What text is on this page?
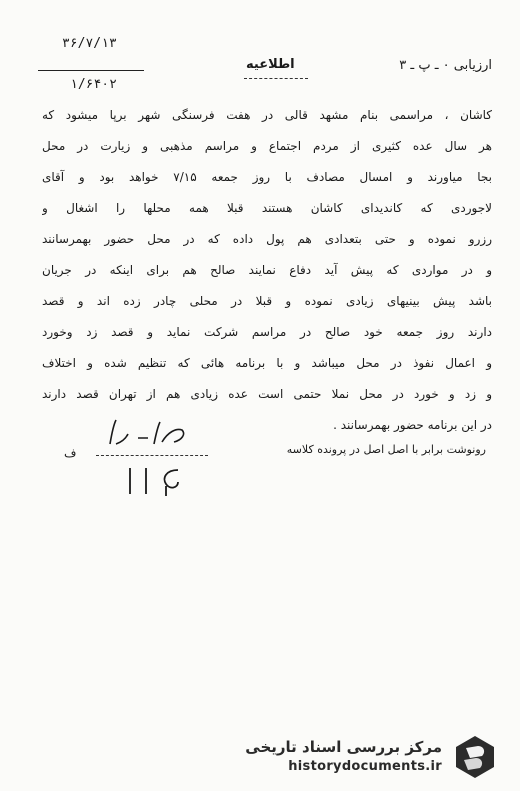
۳۶/۷/۱۳
۱/۶۴۰۲
اطلاعیه	ارزیابی ۰ ـ پ ـ ۳
کاشان ، مراسمی بنام مشهد قالی در هفت فرسنگی شهر برپا میشود که
هر سال عده کثیری از مردم اجتماع و مراسم مذهبی و زیارت در محل
بجا میاورند و امسال مصادف با روز جمعه ۷/۱۵ خواهد بود و آقای
لاجوردی که کاندیدای کاشان هستند قبلا همه محلها را اشغال و
رزرو نموده و حتی بتعدادی هم پول داده که در محل حضور بهمرسانند
و در مواردی که پیش آید دفاع نمایند صالح هم برای اینکه در جریان
باشد پیش بینیهای زیادی نموده و قبلا در محلی چادر زده اند و قصد
دارند روز جمعه خود صالح در مراسم شرکت نماید و قصد زد وخورد
و اعمال نفوذ در محل میباشد و با برنامه هائی که تنظیم شده و اختلاف
و زد و خورد در محل نملا حتمی است عده زیادی هم از تهران قصد دارند
در این برنامه حضور بهمرسانند .
رونوشت برابر با اصل اصل در پرونده کلاسه
ف
مرکز بررسی اسناد تاریخی
historydocuments.ir
